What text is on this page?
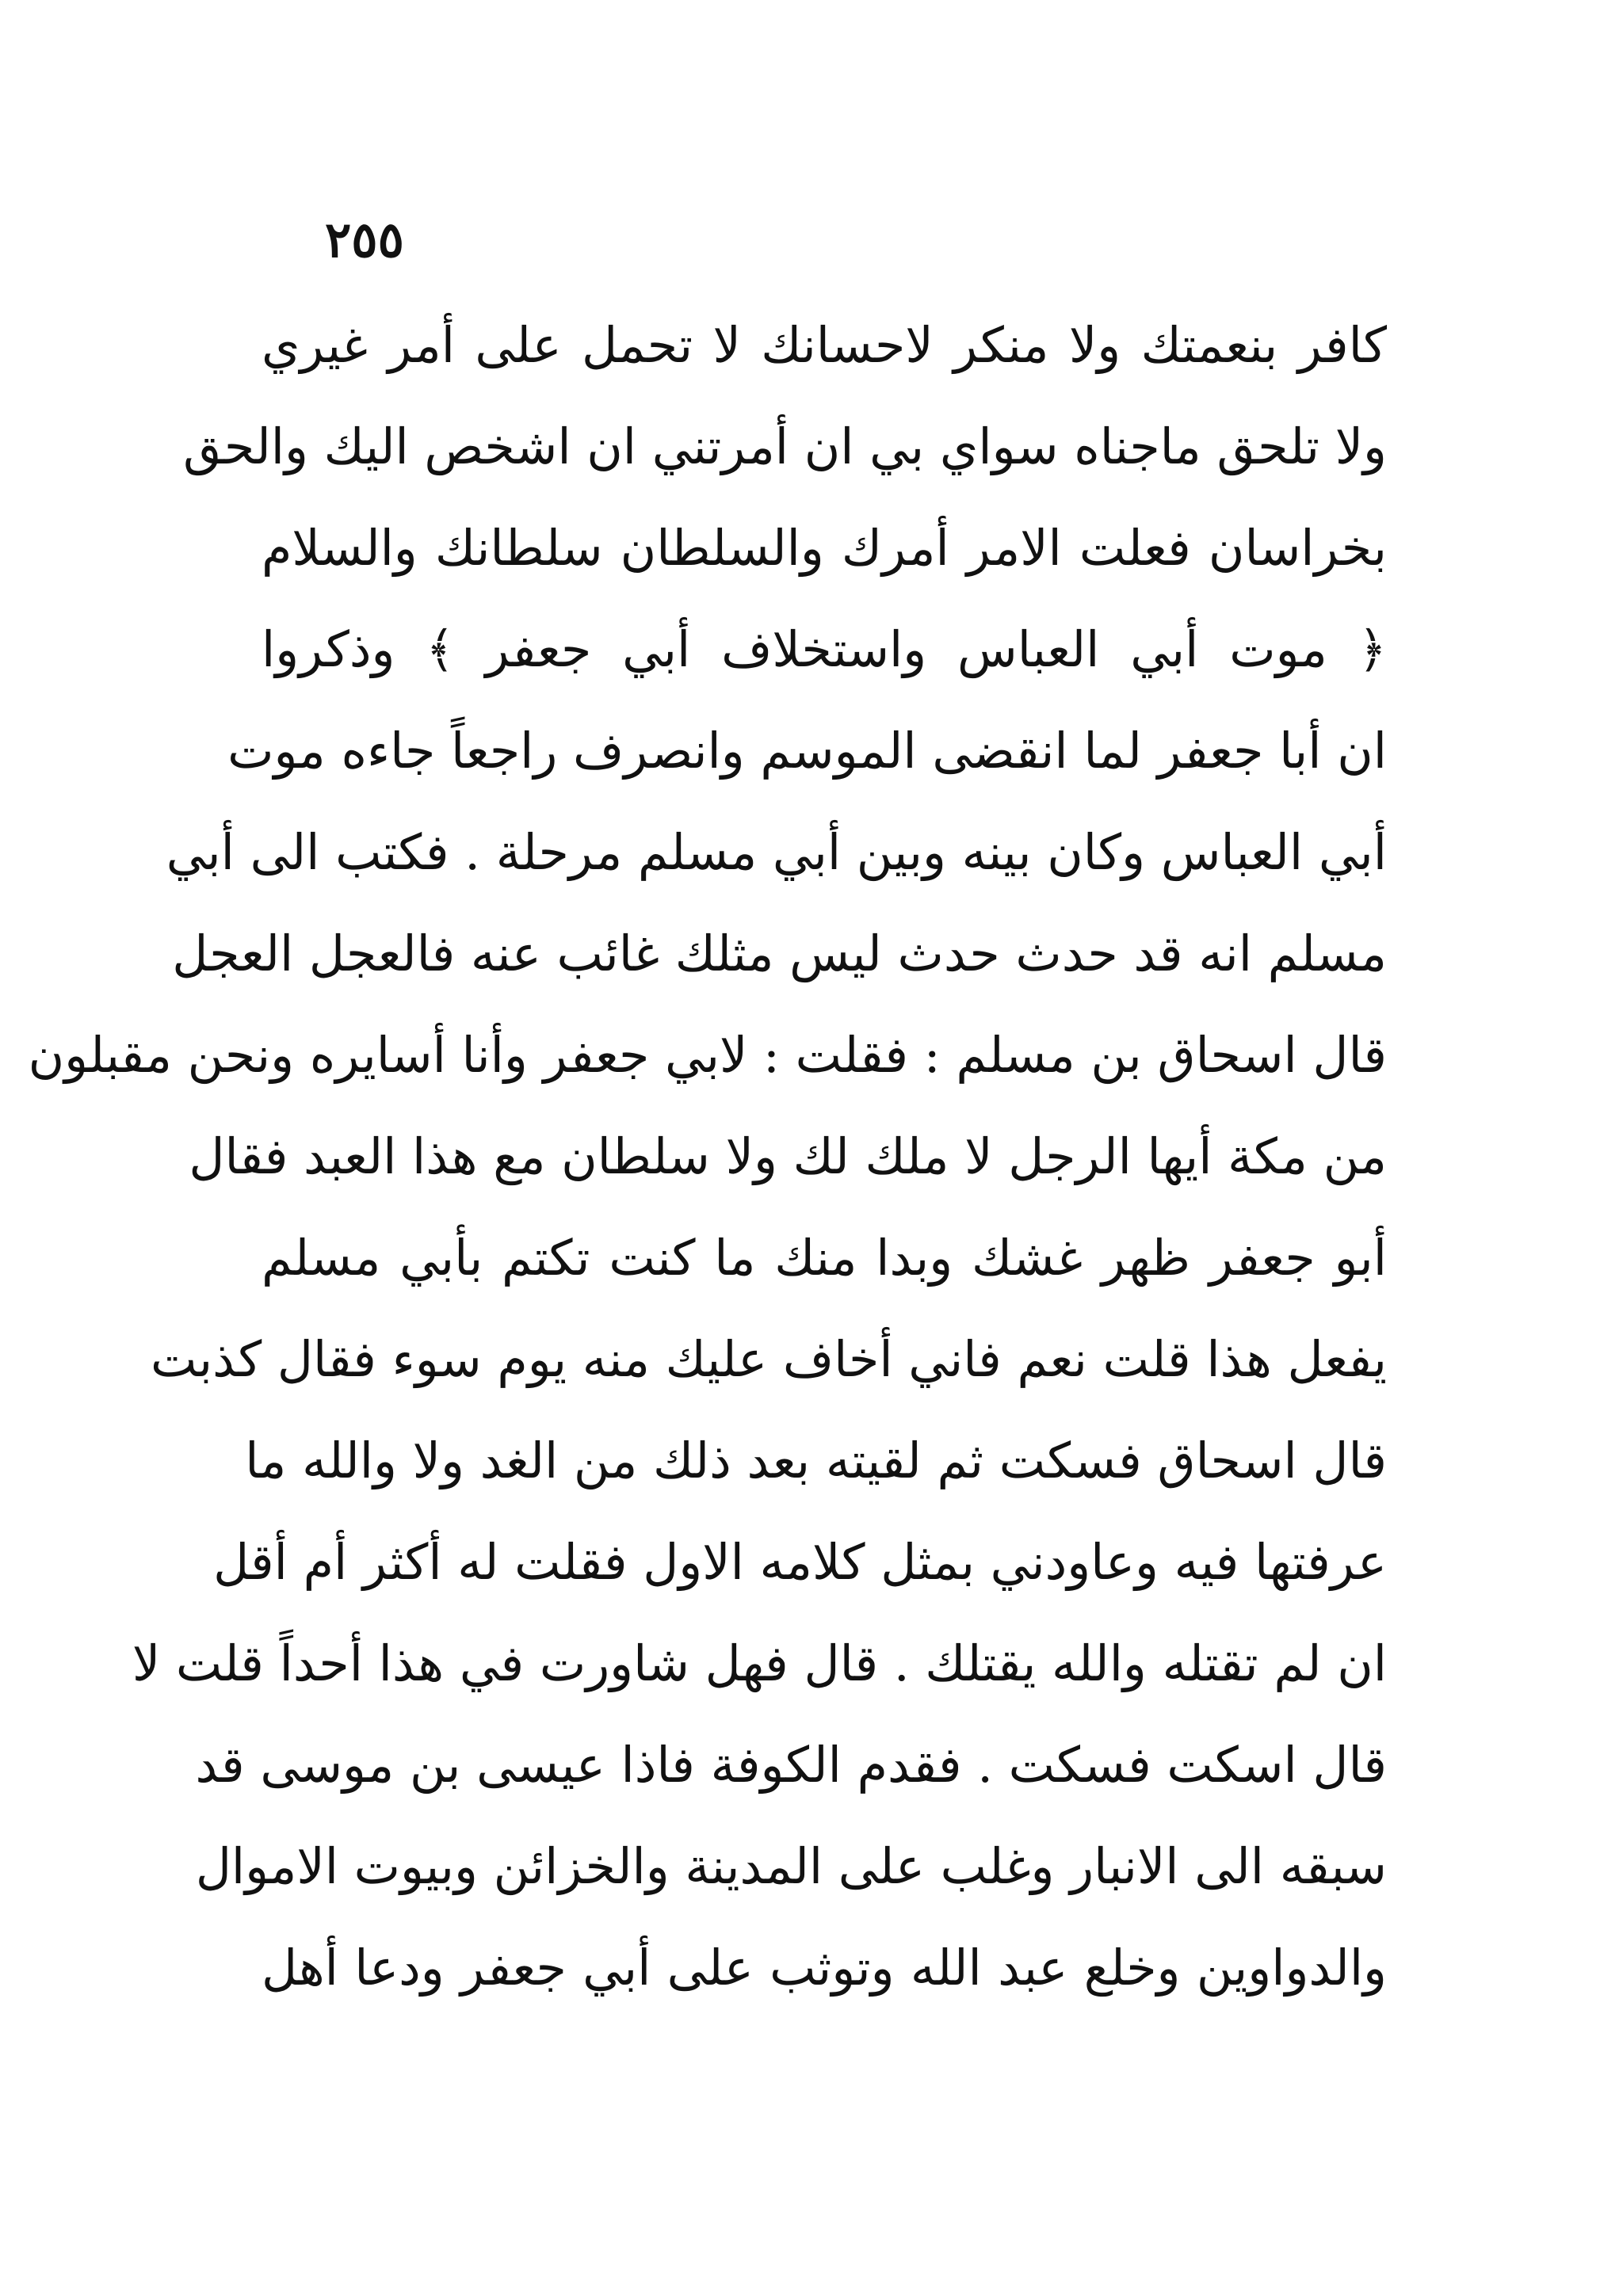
٢٥٥
كافر بنعمتك ولا منكر لاحسانك لا تحمل على أمر غيري
ولا تلحق ماجناه سواي بي ان أمرتني ان اشخص اليك والحق
بخراسان فعلت الامر أمرك والسلطان سلطانك والسلام
﴿ موت أبي العباس واستخلاف أبي جعفر ﴾ وذكروا
ان أبا جعفر لما انقضى الموسم وانصرف راجعاً جاءه موت
أبي العباس وكان بينه وبين أبي مسلم مرحلة . فكتب الى أبي
مسلم انه قد حدث حدث ليس مثلك غائب عنه فالعجل العجل
قال اسحاق بن مسلم : فقلت : لابي جعفر وأنا أسايره ونحن مقبلون
من مكة أيها الرجل لا ملك لك ولا سلطان مع هذا العبد فقال
أبو جعفر ظهر غشك وبدا منك ما كنت تكتم بأبي مسلم
يفعل هذا قلت نعم فاني أخاف عليك منه يوم سوء فقال كذبت
قال اسحاق فسكت ثم لقيته بعد ذلك من الغد ولا والله ما
عرفتها فيه وعاودني بمثل كلامه الاول فقلت له أكثر أم أقل
ان لم تقتله والله يقتلك . قال فهل شاورت في هذا أحداً قلت لا
قال اسكت فسكت . فقدم الكوفة فاذا عيسى بن موسى قد
سبقه الى الانبار وغلب على المدينة والخزائن وبيوت الاموال
والدواوين وخلع عبد الله وتوثب على أبي جعفر ودعا أهل
